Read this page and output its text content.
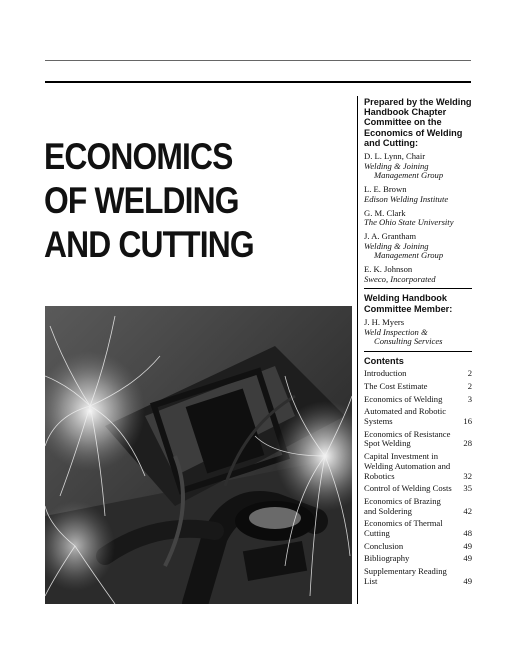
ECONOMICS
OF WELDING
AND CUTTING

Prepared by the Welding Handbook Chapter Committee on the Economics of Welding and Cutting:

D. L. Lynn, Chair
Welding & Joining
Management Group
L. E. Brown
Edison Welding Institute
G. M. Clark
The Ohio State University
J. A. Grantham
Welding & Joining
Management Group
E. K. Johnson
Sweco, Incorporated

Welding Handbook Committee Member:

J. H. Myers
Weld Inspection &
Consulting Services

Contents

Introduction	2
The Cost Estimate	2
Economics of Welding	3
Automated and Robotic Systems	16
Economics of Resistance Spot Welding	28
Capital Investment in Welding Automation and Robotics	32
Control of Welding Costs 35
Economics of Brazing and Soldering	42
Economics of Thermal Cutting	48
Conclusion	49
Bibliography	49
Supplementary Reading List	49
